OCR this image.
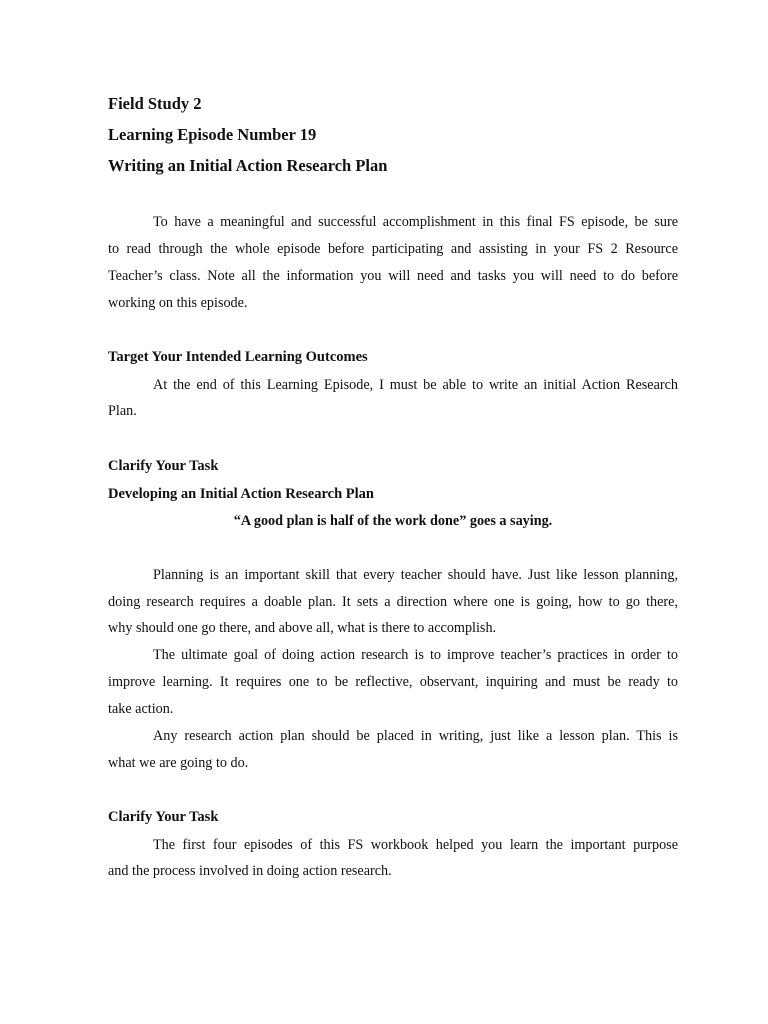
Field Study 2
Learning Episode Number 19
Writing an Initial Action Research Plan
To have a meaningful and successful accomplishment in this final FS episode, be sure
to read through the whole episode before participating and assisting in your FS 2 Resource
Teacher’s class. Note all the information you will need and tasks you will need to do before
working on this episode.
Target Your Intended Learning Outcomes
At the end of this Learning Episode, I must be able to write an initial Action Research
Plan.
Clarify Your Task
Developing an Initial Action Research Plan
“A good plan is half of the work done” goes a saying.
Planning is an important skill that every teacher should have. Just like lesson planning,
doing research requires a doable plan. It sets a direction where one is going, how to go there,
why should one go there, and above all, what is there to accomplish.
The ultimate goal of doing action research is to improve teacher’s practices in order to
improve learning. It requires one to be reflective, observant, inquiring and must be ready to
take action.
Any research action plan should be placed in writing, just like a lesson plan. This is
what we are going to do.
Clarify Your Task
The first four episodes of this FS workbook helped you learn the important purpose
and the process involved in doing action research.
